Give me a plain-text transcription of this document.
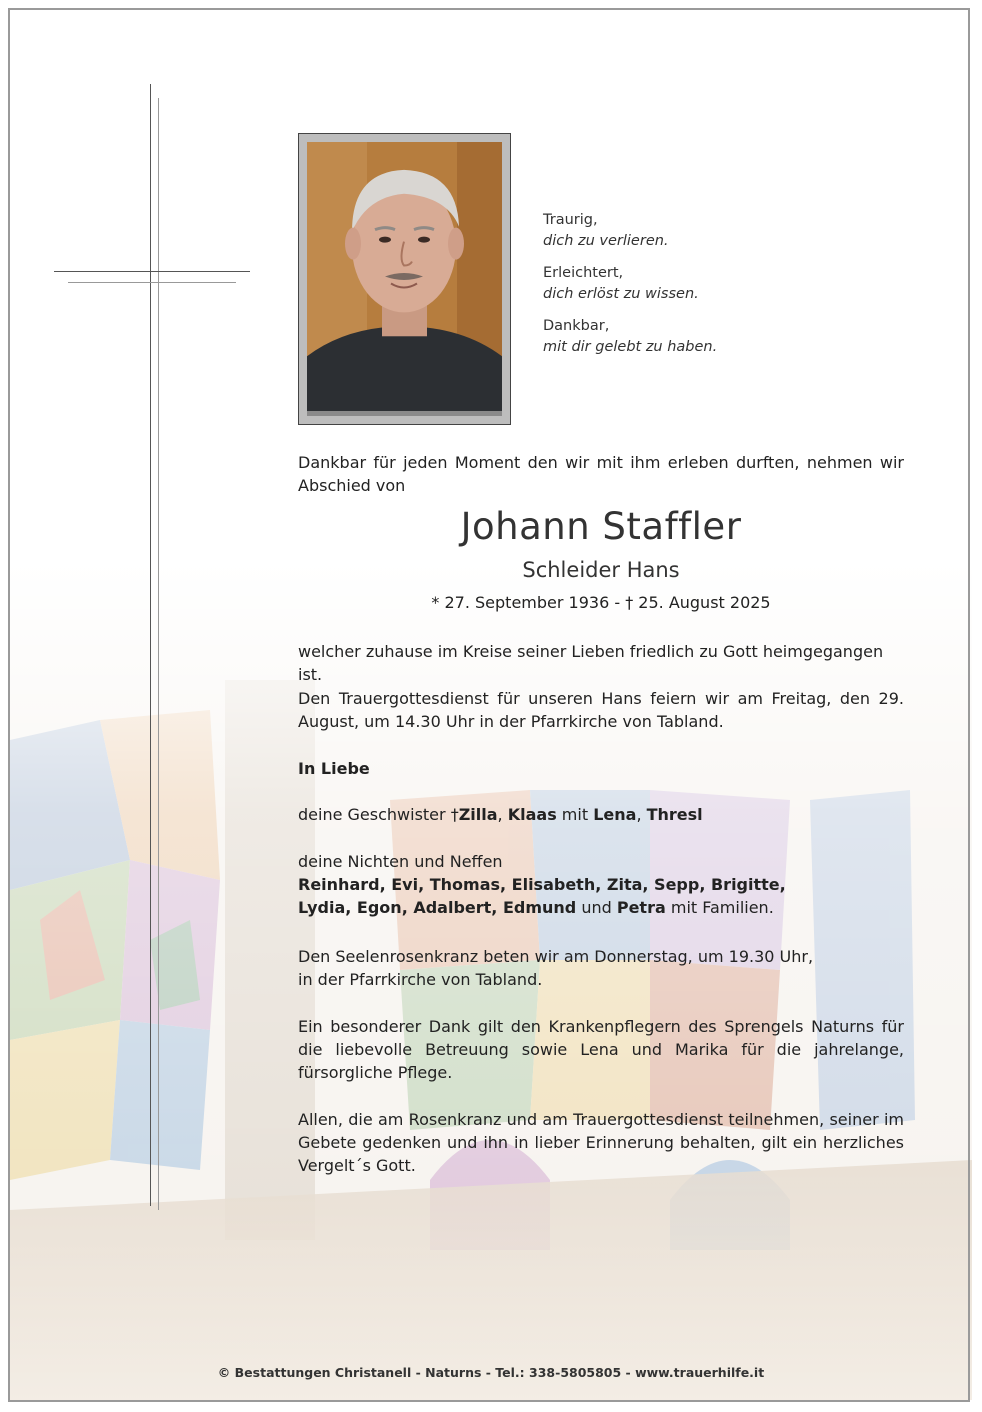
Traurig,
dich zu verlieren.
Erleichtert,
dich erlöst zu wissen.
Dankbar,
mit dir gelebt zu haben.
Dankbar für jeden Moment den wir mit ihm erleben durften, nehmen wir Abschied von
Johann Staffler
Schleider Hans
* 27. September 1936 - † 25. August 2025
welcher zuhause im Kreise seiner Lieben friedlich zu Gott heimgegangen ist.
Den Trauergottesdienst für unseren Hans feiern wir am Freitag, den 29. August, um 14.30 Uhr in der Pfarrkirche von Tabland.
In Liebe
deine Geschwister †Zilla, Klaas mit Lena, Thresl
deine Nichten und Neffen
Reinhard, Evi, Thomas, Elisabeth, Zita, Sepp, Brigitte,
Lydia, Egon, Adalbert, Edmund und Petra mit Familien.
Den Seelenrosenkranz beten wir am Donnerstag, um 19.30 Uhr,
in der Pfarrkirche von Tabland.
Ein besonderer Dank gilt den Krankenpflegern des Sprengels Naturns für die liebevolle Betreuung sowie Lena und Marika für die jahrelange, fürsorgliche Pflege.
Allen, die am Rosenkranz und am Trauergottesdienst teilnehmen, seiner im Gebete gedenken und ihn in lieber Erinnerung behalten, gilt ein herzliches Vergelt´s Gott.
© Bestattungen Christanell - Naturns - Tel.: 338-5805805 - www.trauerhilfe.it
